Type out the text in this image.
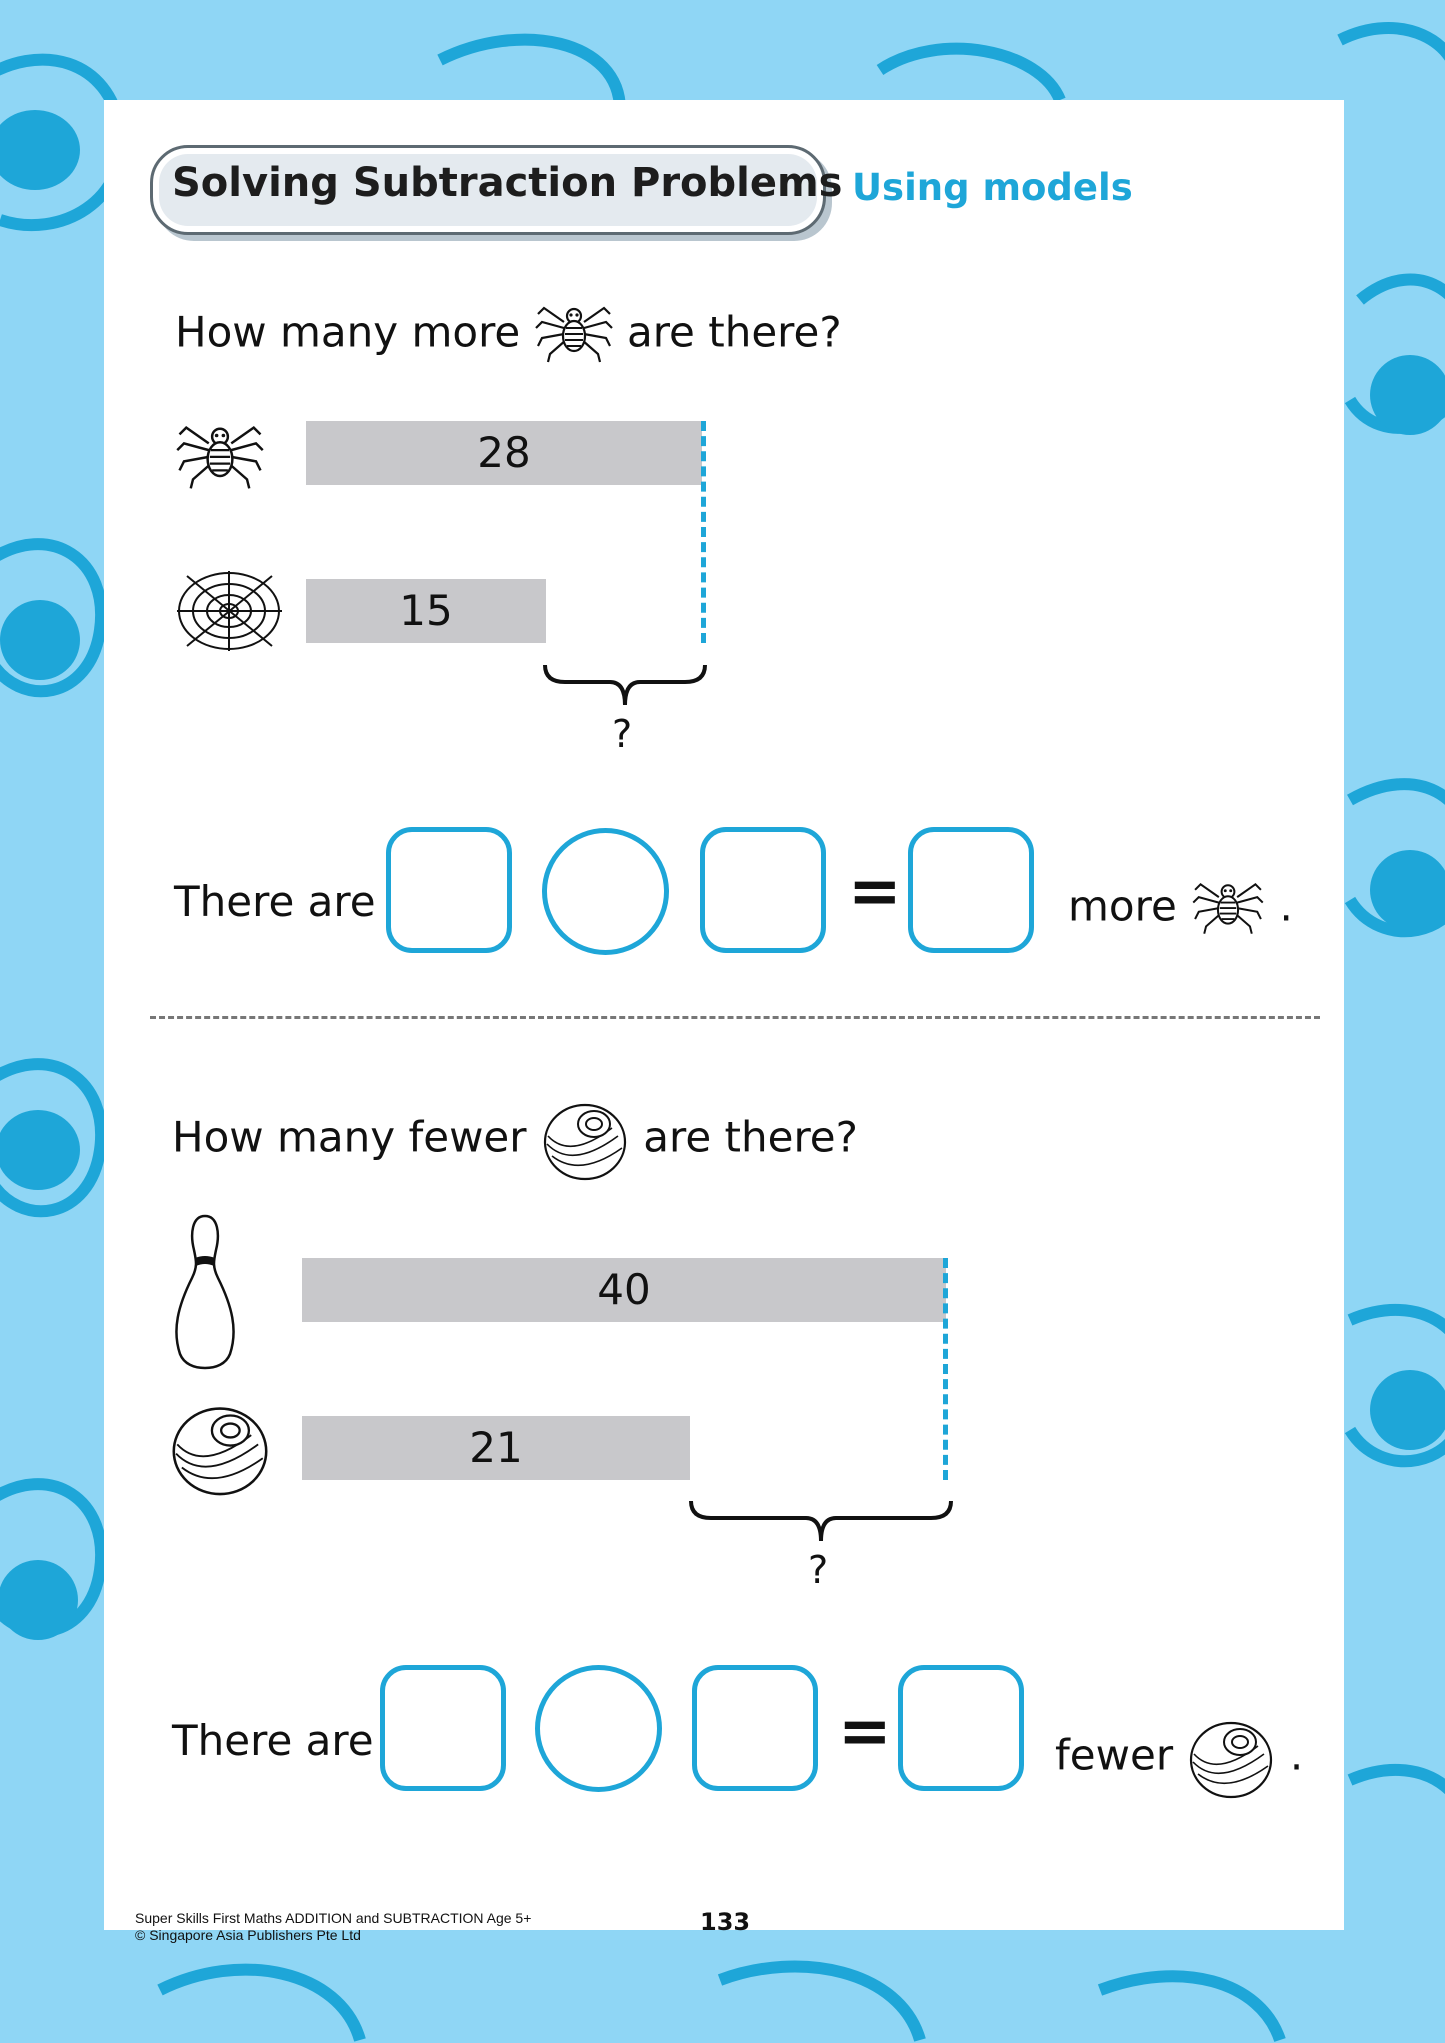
Solving Subtraction Problems Using models
How many more	are there?
28
15
?
There are	=	more .
How many fewer	are there?
40
21
?
There are	=	fewer	.
Super Skills First Maths ADDITION and SUBTRACTION Age 5+
© Singapore Asia Publishers Pte Ltd	133
